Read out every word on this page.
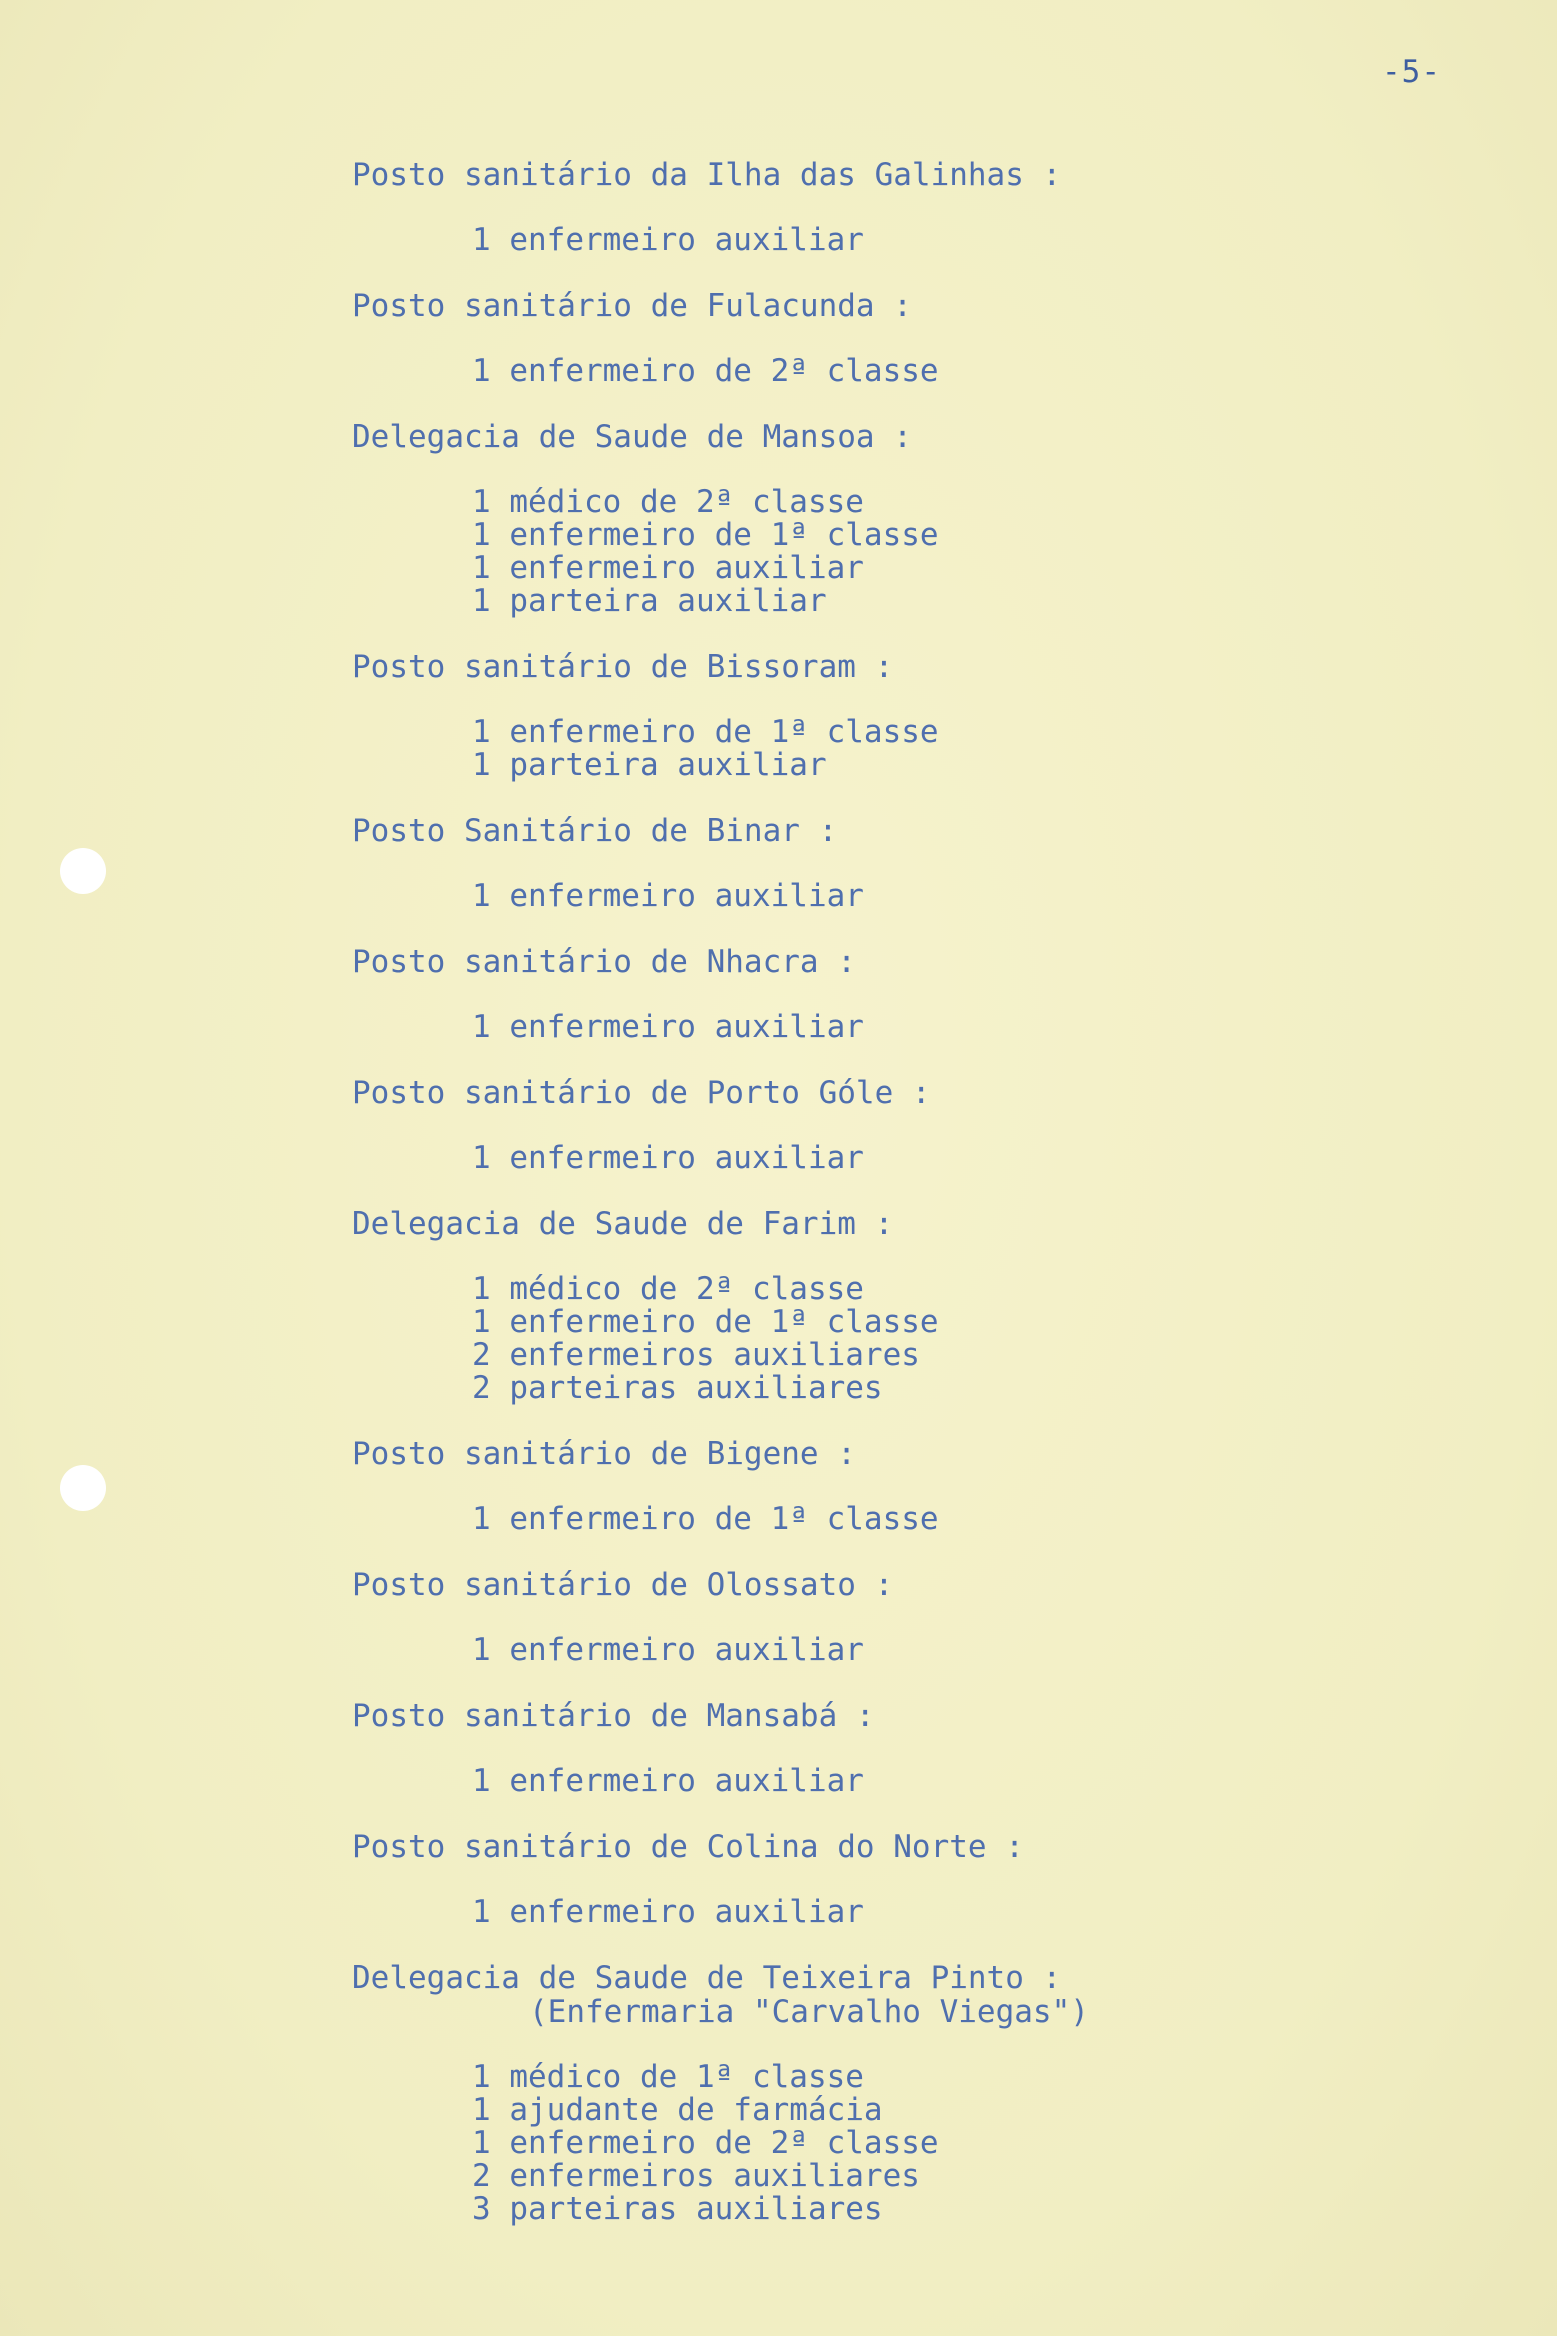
-5-

Posto sanitário da Ilha das Galinhas :

1 enfermeiro auxiliar

Posto sanitário de Fulacunda :

1 enfermeiro de 2ª classe

Delegacia de Saude de Mansoa :

1 médico de 2ª classe
1 enfermeiro de 1ª classe
1 enfermeiro auxiliar
1 parteira auxiliar

Posto sanitário de Bissoram :

1 enfermeiro de 1ª classe
1 parteira auxiliar

Posto Sanitário de Binar :

1 enfermeiro auxiliar

Posto sanitário de Nhacra :

1 enfermeiro auxiliar

Posto sanitário de Porto Góle :

1 enfermeiro auxiliar

Delegacia de Saude de Farim :

1 médico de 2ª classe
1 enfermeiro de 1ª classe
2 enfermeiros auxiliares
2 parteiras auxiliares

Posto sanitário de Bigene :

1 enfermeiro de 1ª classe

Posto sanitário de Olossato :

1 enfermeiro auxiliar

Posto sanitário de Mansabá :

1 enfermeiro auxiliar

Posto sanitário de Colina do Norte :

1 enfermeiro auxiliar

Delegacia de Saude de Teixeira Pinto :

(Enfermaria "Carvalho Viegas")

1 médico de 1ª classe
1 ajudante de farmácia
1 enfermeiro de 2ª classe
2 enfermeiros auxiliares
3 parteiras auxiliares
